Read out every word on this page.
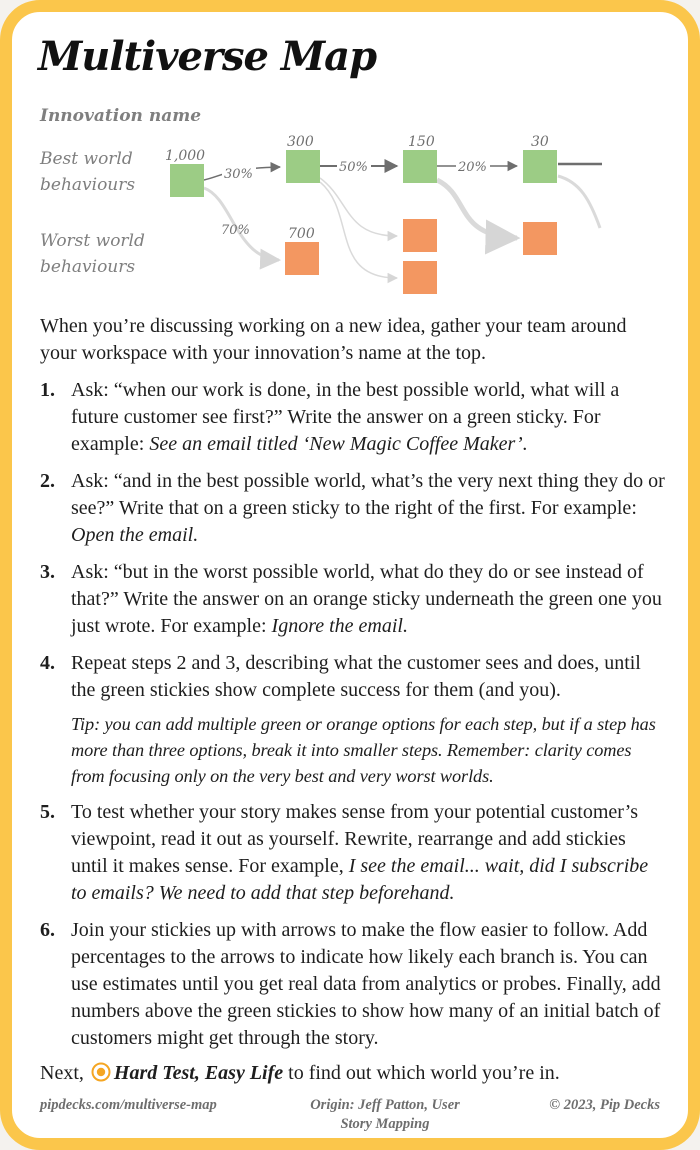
Multiverse Map
Innovation name
Best world
behaviours
Worst world
behaviours
30%	50%	20%
70%
1,000
300	150	30
700

When you’re discussing working on a new idea, gather your team around your workspace with your innovation’s name at the top.

1. Ask: “when our work is done, in the best possible world, what will a future customer see first?” Write the answer on a green sticky. For example: See an email titled ‘New Magic Coffee Maker’.
2. Ask: “and in the best possible world, what’s the very next thing they do or see?” Write that on a green sticky to the right of the first. For example: Open the email.
3. Ask: “but in the worst possible world, what do they do or see instead of that?” Write the answer on an orange sticky underneath the green one you just wrote. For example: Ignore the email.
4. Repeat steps 2 and 3, describing what the customer sees and does, until the green stickies show complete success for them (and you).

Tip: you can add multiple green or orange options for each step, but if a step has more than three options, break it into smaller steps. Remember: clarity comes from focusing only on the very best and very worst worlds.

5. To test whether your story makes sense from your potential customer’s viewpoint, read it out as yourself. Rewrite, rearrange and add stickies until it makes sense. For example, I see the email... wait, did I subscribe to emails? We need to add that step beforehand.
6. Join your stickies up with arrows to make the flow easier to follow. Add percentages to the arrows to indicate how likely each branch is. You can use estimates until you get real data from analytics or probes. Finally, add numbers above the green stickies to show how many of an initial batch of customers might get through the story.

Next, Hard Test, Easy Life to find out which world you’re in.

pipdecks.com/multiverse-map	Origin: Jeff Patton, User Story Mapping
© 2023, Pip Decks
